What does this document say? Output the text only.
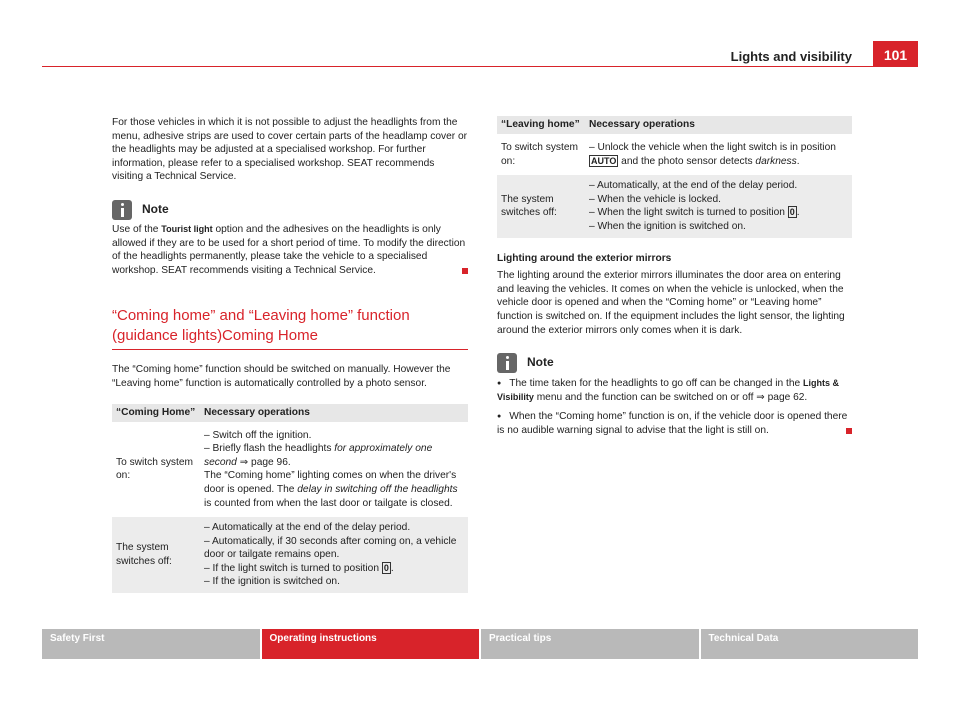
Lights and visibility	101

For those vehicles in which it is not possible to adjust the headlights from the menu, adhesive strips are used to cover certain parts of the headlamp cover or the headlights may be adjusted at a specialised workshop. For further information, please refer to a specialised workshop. SEAT recommends visiting a Technical Service.

Note

Use of the Tourist light option and the adhesives on the headlights is only allowed if they are to be used for a short period of time. To modify the direction of the headlights permanently, please take the vehicle to a specialised workshop. SEAT recommends visiting a Technical Service.

“Coming home” and “Leaving home” function (guidance lights)Coming Home

The “Coming home” function should be switched on manually. However the “Leaving home” function is automatically controlled by a photo sensor.

“Coming Home”	Necessary operations

To switch system on:	– Switch off the ignition.
– Briefly flash the headlights for approximately one second ⇒ page 96.
The “Coming home” lighting comes on when the driver's door is opened. The delay in switching off the headlights is counted from when the last door or tailgate is closed.

The system switches off:	– Automatically at the end of the delay period.
– Automatically, if 30 seconds after coming on, a vehicle door or tailgate remains open.
– If the light switch is turned to position 0 .
– If the ignition is switched on.
“Leaving home”	Necessary operations

To switch system on:	– Unlock the vehicle when the light switch is in position AUTO and the photo sensor detects darkness.

The system switches off:	– Automatically, at the end of the delay period.
– When the vehicle is locked.
– When the light switch is turned to position 0 .
– When the ignition is switched on.

Lighting around the exterior mirrors

The lighting around the exterior mirrors illuminates the door area on entering and leaving the vehicles. It comes on when the vehicle is unlocked, when the vehicle door is opened and when the “Coming home” or “Leaving home” function is switched on. If the equipment includes the light sensor, the lighting around the exterior mirrors only comes when it is dark.

Note

● The time taken for the headlights to go off can be changed in the Lights & Visibility menu and the function can be switched on or off ⇒ page 62.

● When the “Coming home” function is on, if the vehicle door is opened there is no audible warning signal to advise that the light is still on.

Safety First	Operating instructions	Practical tips	Technical Data
